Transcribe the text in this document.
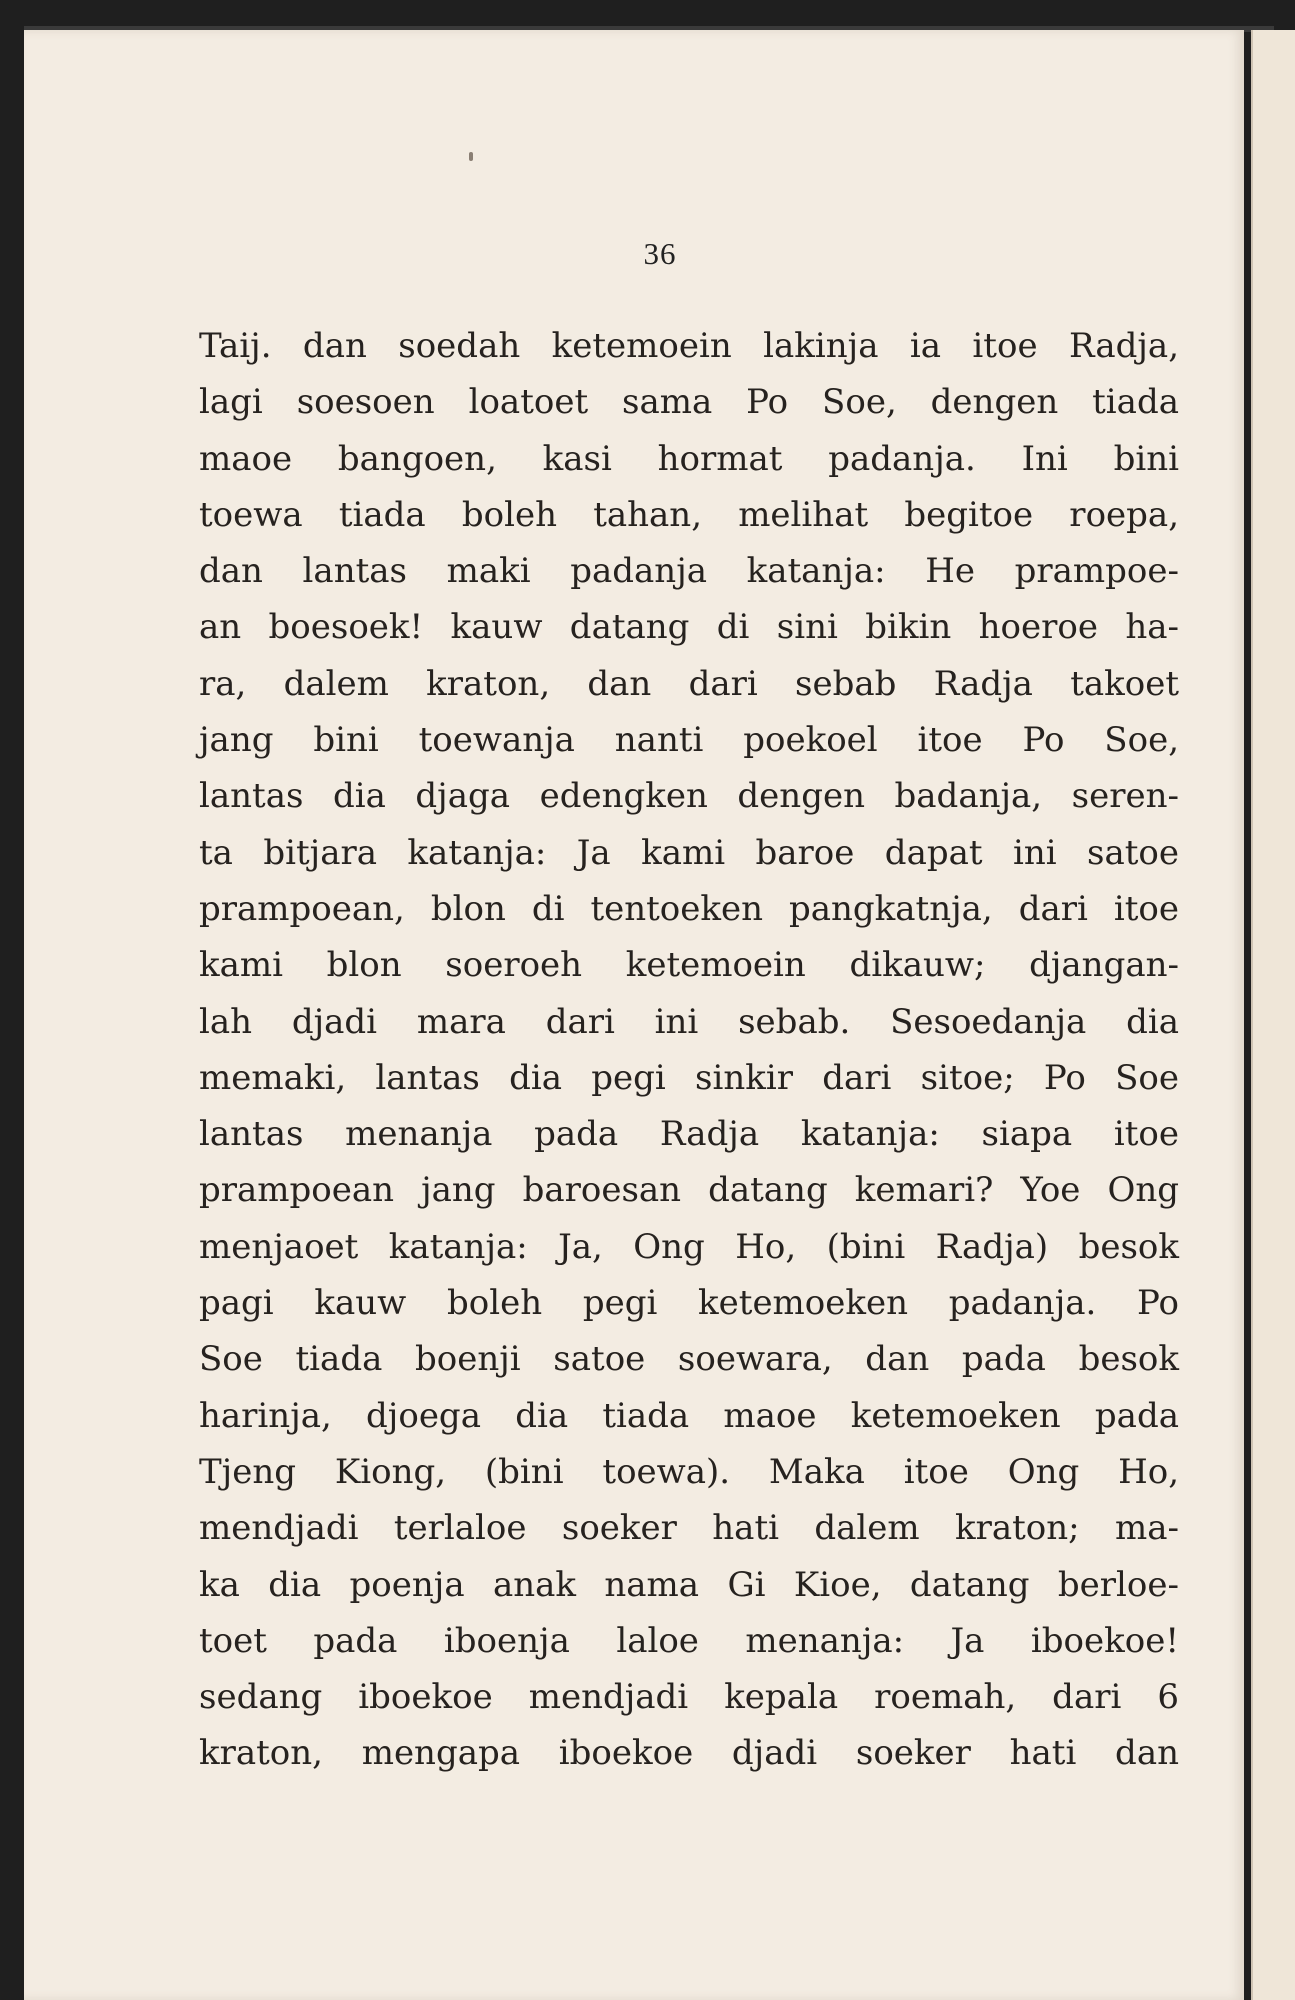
36
Taij. dan soedah ketemoein lakinja ia itoe Radja,
lagi soesoen loatoet sama Po Soe, dengen tiada
maoe bangoen, kasi hormat padanja. Ini bini
toewa tiada boleh tahan, melihat begitoe roepa,
dan lantas maki padanja katanja: He prampoe-
an boesoek! kauw datang di sini bikin hoeroe ha-
ra, dalem kraton, dan dari sebab Radja takoet
jang bini toewanja nanti poekoel itoe Po Soe,
lantas dia djaga edengken dengen badanja, seren-
ta bitjara katanja: Ja kami baroe dapat ini satoe
prampoean, blon di tentoeken pangkatnja, dari itoe
kami blon soeroeh ketemoein dikauw; djangan-
lah djadi mara dari ini sebab. Sesoedanja dia
memaki, lantas dia pegi sinkir dari sitoe; Po Soe
lantas menanja pada Radja katanja: siapa itoe
prampoean jang baroesan datang kemari? Yoe Ong
menjaoet katanja: Ja, Ong Ho, (bini Radja) besok
pagi kauw boleh pegi ketemoeken padanja. Po
Soe tiada boenji satoe soewara, dan pada besok
harinja, djoega dia tiada maoe ketemoeken pada
Tjeng Kiong, (bini toewa). Maka itoe Ong Ho,
mendjadi terlaloe soeker hati dalem kraton; ma-
ka dia poenja anak nama Gi Kioe, datang berloe-
toet pada iboenja laloe menanja: Ja iboekoe!
sedang iboekoe mendjadi kepala roemah, dari 6
kraton, mengapa iboekoe djadi soeker hati dan
